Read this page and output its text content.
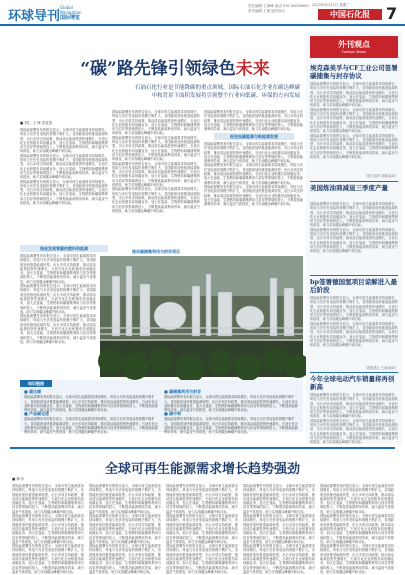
环球导刊
Global Navigation
国际博览
责任编辑 王海峰 电话 010-00000000 美术编辑 王丽 版式设计
2023年6月21日 星期三
中国石化报	7
“碳”路先锋引领绿色未来
石油石化行业是节能降碳的重点领域，国际石油石化企业在碳达峰碳中和背景下面积发展将引领整个行业向低碳、环保的方向发展
■ 刘仁 王 博 高雯雯
国际能源署发布的报告显示，全球可再生能源需求持续增长，风电与光伏发电装机规模不断扩大，各国政府加快推进能源转型，出台多项支持政策，推动清洁能源投资快速增长，石油石化企业积极布局低碳业务，加大在氢能、生物燃料和碳捕集利用与封存等领域的投入，不断提高能源利用效率，减少温室气体排放，助力实现碳达峰碳中和目标。
国际能源署发布的报告显示，全球可再生能源需求持续增长，风电与光伏发电装机规模不断扩大，各国政府加快推进能源转型，出台多项支持政策，推动清洁能源投资快速增长，石油石化企业积极布局低碳业务，加大在氢能、生物燃料和碳捕集利用与封存等领域的投入，不断提高能源利用效率，减少温室气体排放，助力实现碳达峰碳中和目标。
国际能源署发布的报告显示，全球可再生能源需求持续增长，风电与光伏发电装机规模不断扩大，各国政府加快推进能源转型，出台多项支持政策，推动清洁能源投资快速增长，石油石化企业积极布局低碳业务，加大在氢能、生物燃料和碳捕集利用与封存等领域的投入，不断提高能源利用效率，减少温室气体排放，助力实现碳达峰碳中和目标。
推进发展零碳的燃料和能源
国际能源署发布的报告显示，全球可再生能源需求持续增长，风电与光伏发电装机规模不断扩大，各国政府加快推进能源转型，出台多项支持政策，推动清洁能源投资快速增长，石油石化企业积极布局低碳业务，加大在氢能、生物燃料和碳捕集利用与封存等领域的投入，不断提高能源利用效率，减少温室气体排放，助力实现碳达峰碳中和目标。
国际能源署发布的报告显示，全球可再生能源需求持续增长，风电与光伏发电装机规模不断扩大，各国政府加快推进能源转型，出台多项支持政策，推动清洁能源投资快速增长，石油石化企业积极布局低碳业务，加大在氢能、生物燃料和碳捕集利用与封存等领域的投入，不断提高能源利用效率，减少温室气体排放，助力实现碳达峰碳中和目标。
国际能源署发布的报告显示，全球可再生能源需求持续增长，风电与光伏发电装机规模不断扩大，各国政府加快推进能源转型，出台多项支持政策，推动清洁能源投资快速增长，石油石化企业积极布局低碳业务，加大在氢能、生物燃料和碳捕集利用与封存等领域的投入，不断提高能源利用效率，减少温室气体排放，助力实现碳达峰碳中和目标。
国际能源署发布的报告显示，全球可再生能源需求持续增长，风电与光伏发电装机规模不断扩大，各国政府加快推进能源转型，出台多项支持政策，推动清洁能源投资快速增长，石油石化企业积极布局低碳业务，加大在氢能、生物燃料和碳捕集利用与封存等领域的投入，不断提高能源利用效率，减少温室气体排放，助力实现碳达峰碳中和目标。
国际能源署发布的报告显示，全球可再生能源需求持续增长，风电与光伏发电装机规模不断扩大，各国政府加快推进能源转型，出台多项支持政策，推动清洁能源投资快速增长，石油石化企业积极布局低碳业务，加大在氢能、生物燃料和碳捕集利用与封存等领域的投入，不断提高能源利用效率，减少温室气体排放，助力实现碳达峰碳中和目标。
国际能源署发布的报告显示，全球可再生能源需求持续增长，风电与光伏发电装机规模不断扩大，各国政府加快推进能源转型，出台多项支持政策，推动清洁能源投资快速增长，石油石化企业积极布局低碳业务，加大在氢能、生物燃料和碳捕集利用与封存等领域的投入，不断提高能源利用效率，减少温室气体排放，助力实现碳达峰碳中和目标。
国际能源署发布的报告显示，全球可再生能源需求持续增长，风电与光伏发电装机规模不断扩大，各国政府加快推进能源转型，出台多项支持政策，推动清洁能源投资快速增长，石油石化企业积极布局低碳业务，加大在氢能、生物燃料和碳捕集利用与封存等领域的投入，不断提高能源利用效率，减少温室气体排放，助力实现碳达峰碳中和目标。
推动碳捕集利用与封存项目
国际能源署发布的报告显示，全球可再生能源需求持续增长，风电与光伏发电装机规模不断扩大，各国政府加快推进能源转型，出台多项支持政策，推动清洁能源投资快速增长，石油石化企业积极布局低碳业务，加大在氢能、生物燃料和碳捕集利用与封存等领域的投入，不断提高能源利用效率，减少温室气体排放，助力实现碳达峰碳中和目标。
促进低碳能源与新能源发展
国际能源署发布的报告显示，全球可再生能源需求持续增长，风电与光伏发电装机规模不断扩大，各国政府加快推进能源转型，出台多项支持政策，推动清洁能源投资快速增长，石油石化企业积极布局低碳业务，加大在氢能、生物燃料和碳捕集利用与封存等领域的投入，不断提高能源利用效率，减少温室气体排放，助力实现碳达峰碳中和目标。
国际能源署发布的报告显示，全球可再生能源需求持续增长，风电与光伏发电装机规模不断扩大，各国政府加快推进能源转型，出台多项支持政策，推动清洁能源投资快速增长，石油石化企业积极布局低碳业务，加大在氢能、生物燃料和碳捕集利用与封存等领域的投入，不断提高能源利用效率，减少温室气体排放，助力实现碳达峰碳中和目标。
国际能源署发布的报告显示，全球可再生能源需求持续增长，风电与光伏发电装机规模不断扩大，各国政府加快推进能源转型，出台多项支持政策，推动清洁能源投资快速增长，石油石化企业积极布局低碳业务，加大在氢能、生物燃料和碳捕集利用与封存等领域的投入，不断提高能源利用效率，减少温室气体排放，助力实现碳达峰碳中和目标。
知识链接
■ 碳达峰
国际能源署发布的报告显示，全球可再生能源需求持续增长，风电与光伏发电装机规模不断扩大，各国政府加快推进能源转型，出台多项支持政策，推动清洁能源投资快速增长，石油石化企业积极布局低碳业务，加大在氢能、生物燃料和碳捕集利用与封存等领域的投入，不断提高能源利用效率，减少温室气体排放，助力实现碳达峰碳中和目标。
■ 碳捕集利用与封存
国际能源署发布的报告显示，全球可再生能源需求持续增长，风电与光伏发电装机规模不断扩大，各国政府加快推进能源转型，出台多项支持政策，推动清洁能源投资快速增长，石油石化企业积极布局低碳业务，加大在氢能、生物燃料和碳捕集利用与封存等领域的投入，不断提高能源利用效率，减少温室气体排放，助力实现碳达峰碳中和目标。
■ 产品碳足迹
国际能源署发布的报告显示，全球可再生能源需求持续增长，风电与光伏发电装机规模不断扩大，各国政府加快推进能源转型，出台多项支持政策，推动清洁能源投资快速增长，石油石化企业积极布局低碳业务，加大在氢能、生物燃料和碳捕集利用与封存等领域的投入，不断提高能源利用效率，减少温室气体排放，助力实现碳达峰碳中和目标。
■ 碳中和
国际能源署发布的报告显示，全球可再生能源需求持续增长，风电与光伏发电装机规模不断扩大，各国政府加快推进能源转型，出台多项支持政策，推动清洁能源投资快速增长，石油石化企业积极布局低碳业务，加大在氢能、生物燃料和碳捕集利用与封存等领域的投入，不断提高能源利用效率，减少温室气体排放，助力实现碳达峰碳中和目标。
外刊观点
Foreign Views
埃克森美孚与CF工业公司签署碳捕集与封存协议
国际能源署发布的报告显示，全球可再生能源需求持续增长，风电与光伏发电装机规模不断扩大，各国政府加快推进能源转型，出台多项支持政策，推动清洁能源投资快速增长，石油石化企业积极布局低碳业务，加大在氢能、生物燃料和碳捕集利用与封存等领域的投入，不断提高能源利用效率，减少温室气体排放，助力实现碳达峰碳中和目标。
国际能源署发布的报告显示，全球可再生能源需求持续增长，风电与光伏发电装机规模不断扩大，各国政府加快推进能源转型，出台多项支持政策，推动清洁能源投资快速增长，石油石化企业积极布局低碳业务，加大在氢能、生物燃料和碳捕集利用与封存等领域的投入，不断提高能源利用效率，减少温室气体排放，助力实现碳达峰碳中和目标。
国际能源署发布的报告显示，全球可再生能源需求持续增长，风电与光伏发电装机规模不断扩大，各国政府加快推进能源转型，出台多项支持政策，推动清洁能源投资快速增长，石油石化企业积极布局低碳业务，加大在氢能、生物燃料和碳捕集利用与封存等领域的投入，不断提高能源利用效率，减少温室气体排放，助力实现碳达峰碳中和目标。
（据石油界 刘顺/编译）
美国炼油商减退三季度产量
国际能源署发布的报告显示，全球可再生能源需求持续增长，风电与光伏发电装机规模不断扩大，各国政府加快推进能源转型，出台多项支持政策，推动清洁能源投资快速增长，石油石化企业积极布局低碳业务，加大在氢能、生物燃料和碳捕集利用与封存等领域的投入，不断提高能源利用效率，减少温室气体排放，助力实现碳达峰碳中和目标。
国际能源署发布的报告显示，全球可再生能源需求持续增长，风电与光伏发电装机规模不断扩大，各国政府加快推进能源转型，出台多项支持政策，推动清洁能源投资快速增长，石油石化企业积极布局低碳业务，加大在氢能、生物燃料和碳捕集利用与封存等领域的投入，不断提高能源利用效率，减少温室气体排放，助力实现碳达峰碳中和目标。
bp签署德国氢项目谅解进入最后阶段
国际能源署发布的报告显示，全球可再生能源需求持续增长，风电与光伏发电装机规模不断扩大，各国政府加快推进能源转型，出台多项支持政策，推动清洁能源投资快速增长，石油石化企业积极布局低碳业务，加大在氢能、生物燃料和碳捕集利用与封存等领域的投入，不断提高能源利用效率，减少温室气体排放，助力实现碳达峰碳中和目标。
国际能源署发布的报告显示，全球可再生能源需求持续增长，风电与光伏发电装机规模不断扩大，各国政府加快推进能源转型，出台多项支持政策，推动清洁能源投资快速增长，石油石化企业积极布局低碳业务，加大在氢能、生物燃料和碳捕集利用与封存等领域的投入，不断提高能源利用效率，减少温室气体排放，助力实现碳达峰碳中和目标。
（据路透社 王海/编译）
今年全球电动汽车销量将再创新高
国际能源署发布的报告显示，全球可再生能源需求持续增长，风电与光伏发电装机规模不断扩大，各国政府加快推进能源转型，出台多项支持政策，推动清洁能源投资快速增长，石油石化企业积极布局低碳业务，加大在氢能、生物燃料和碳捕集利用与封存等领域的投入，不断提高能源利用效率，减少温室气体排放，助力实现碳达峰碳中和目标。
国际能源署发布的报告显示，全球可再生能源需求持续增长，风电与光伏发电装机规模不断扩大，各国政府加快推进能源转型，出台多项支持政策，推动清洁能源投资快速增长，石油石化企业积极布局低碳业务，加大在氢能、生物燃料和碳捕集利用与封存等领域的投入，不断提高能源利用效率，减少温室气体排放，助力实现碳达峰碳中和目标。
全球可再生能源需求增长趋势强劲
■ 梅 东
国际能源署发布的报告显示，全球可再生能源需求持续增长，风电与光伏发电装机规模不断扩大，各国政府加快推进能源转型，出台多项支持政策，推动清洁能源投资快速增长，石油石化企业积极布局低碳业务，加大在氢能、生物燃料和碳捕集利用与封存等领域的投入，不断提高能源利用效率，减少温室气体排放，助力实现碳达峰碳中和目标。
国际能源署发布的报告显示，全球可再生能源需求持续增长，风电与光伏发电装机规模不断扩大，各国政府加快推进能源转型，出台多项支持政策，推动清洁能源投资快速增长，石油石化企业积极布局低碳业务，加大在氢能、生物燃料和碳捕集利用与封存等领域的投入，不断提高能源利用效率，减少温室气体排放，助力实现碳达峰碳中和目标。
国际能源署发布的报告显示，全球可再生能源需求持续增长，风电与光伏发电装机规模不断扩大，各国政府加快推进能源转型，出台多项支持政策，推动清洁能源投资快速增长，石油石化企业积极布局低碳业务，加大在氢能、生物燃料和碳捕集利用与封存等领域的投入，不断提高能源利用效率，减少温室气体排放，助力实现碳达峰碳中和目标。
国际能源署发布的报告显示，全球可再生能源需求持续增长，风电与光伏发电装机规模不断扩大，各国政府加快推进能源转型，出台多项支持政策，推动清洁能源投资快速增长，石油石化企业积极布局低碳业务，加大在氢能、生物燃料和碳捕集利用与封存等领域的投入，不断提高能源利用效率，减少温室气体排放，助力实现碳达峰碳中和目标。
国际能源署发布的报告显示，全球可再生能源需求持续增长，风电与光伏发电装机规模不断扩大，各国政府加快推进能源转型，出台多项支持政策，推动清洁能源投资快速增长，石油石化企业积极布局低碳业务，加大在氢能、生物燃料和碳捕集利用与封存等领域的投入，不断提高能源利用效率，减少温室气体排放，助力实现碳达峰碳中和目标。
国际能源署发布的报告显示，全球可再生能源需求持续增长，风电与光伏发电装机规模不断扩大，各国政府加快推进能源转型，出台多项支持政策，推动清洁能源投资快速增长，石油石化企业积极布局低碳业务，加大在氢能、生物燃料和碳捕集利用与封存等领域的投入，不断提高能源利用效率，减少温室气体排放，助力实现碳达峰碳中和目标。
国际能源署发布的报告显示，全球可再生能源需求持续增长，风电与光伏发电装机规模不断扩大，各国政府加快推进能源转型，出台多项支持政策，推动清洁能源投资快速增长，石油石化企业积极布局低碳业务，加大在氢能、生物燃料和碳捕集利用与封存等领域的投入，不断提高能源利用效率，减少温室气体排放，助力实现碳达峰碳中和目标。
国际能源署发布的报告显示，全球可再生能源需求持续增长，风电与光伏发电装机规模不断扩大，各国政府加快推进能源转型，出台多项支持政策，推动清洁能源投资快速增长，石油石化企业积极布局低碳业务，加大在氢能、生物燃料和碳捕集利用与封存等领域的投入，不断提高能源利用效率，减少温室气体排放，助力实现碳达峰碳中和目标。
国际能源署发布的报告显示，全球可再生能源需求持续增长，风电与光伏发电装机规模不断扩大，各国政府加快推进能源转型，出台多项支持政策，推动清洁能源投资快速增长，石油石化企业积极布局低碳业务，加大在氢能、生物燃料和碳捕集利用与封存等领域的投入，不断提高能源利用效率，减少温室气体排放，助力实现碳达峰碳中和目标。
国际能源署发布的报告显示，全球可再生能源需求持续增长，风电与光伏发电装机规模不断扩大，各国政府加快推进能源转型，出台多项支持政策，推动清洁能源投资快速增长，石油石化企业积极布局低碳业务，加大在氢能、生物燃料和碳捕集利用与封存等领域的投入，不断提高能源利用效率，减少温室气体排放，助力实现碳达峰碳中和目标。
国际能源署发布的报告显示，全球可再生能源需求持续增长，风电与光伏发电装机规模不断扩大，各国政府加快推进能源转型，出台多项支持政策，推动清洁能源投资快速增长，石油石化企业积极布局低碳业务，加大在氢能、生物燃料和碳捕集利用与封存等领域的投入，不断提高能源利用效率，减少温室气体排放，助力实现碳达峰碳中和目标。
国际能源署发布的报告显示，全球可再生能源需求持续增长，风电与光伏发电装机规模不断扩大，各国政府加快推进能源转型，出台多项支持政策，推动清洁能源投资快速增长，石油石化企业积极布局低碳业务，加大在氢能、生物燃料和碳捕集利用与封存等领域的投入，不断提高能源利用效率，减少温室气体排放，助力实现碳达峰碳中和目标。
国际能源署发布的报告显示，全球可再生能源需求持续增长，风电与光伏发电装机规模不断扩大，各国政府加快推进能源转型，出台多项支持政策，推动清洁能源投资快速增长，石油石化企业积极布局低碳业务，加大在氢能、生物燃料和碳捕集利用与封存等领域的投入，不断提高能源利用效率，减少温室气体排放，助力实现碳达峰碳中和目标。
国际能源署发布的报告显示，全球可再生能源需求持续增长，风电与光伏发电装机规模不断扩大，各国政府加快推进能源转型，出台多项支持政策，推动清洁能源投资快速增长，石油石化企业积极布局低碳业务，加大在氢能、生物燃料和碳捕集利用与封存等领域的投入，不断提高能源利用效率，减少温室气体排放，助力实现碳达峰碳中和目标。
国际能源署发布的报告显示，全球可再生能源需求持续增长，风电与光伏发电装机规模不断扩大，各国政府加快推进能源转型，出台多项支持政策，推动清洁能源投资快速增长，石油石化企业积极布局低碳业务，加大在氢能、生物燃料和碳捕集利用与封存等领域的投入，不断提高能源利用效率，减少温室气体排放，助力实现碳达峰碳中和目标。
